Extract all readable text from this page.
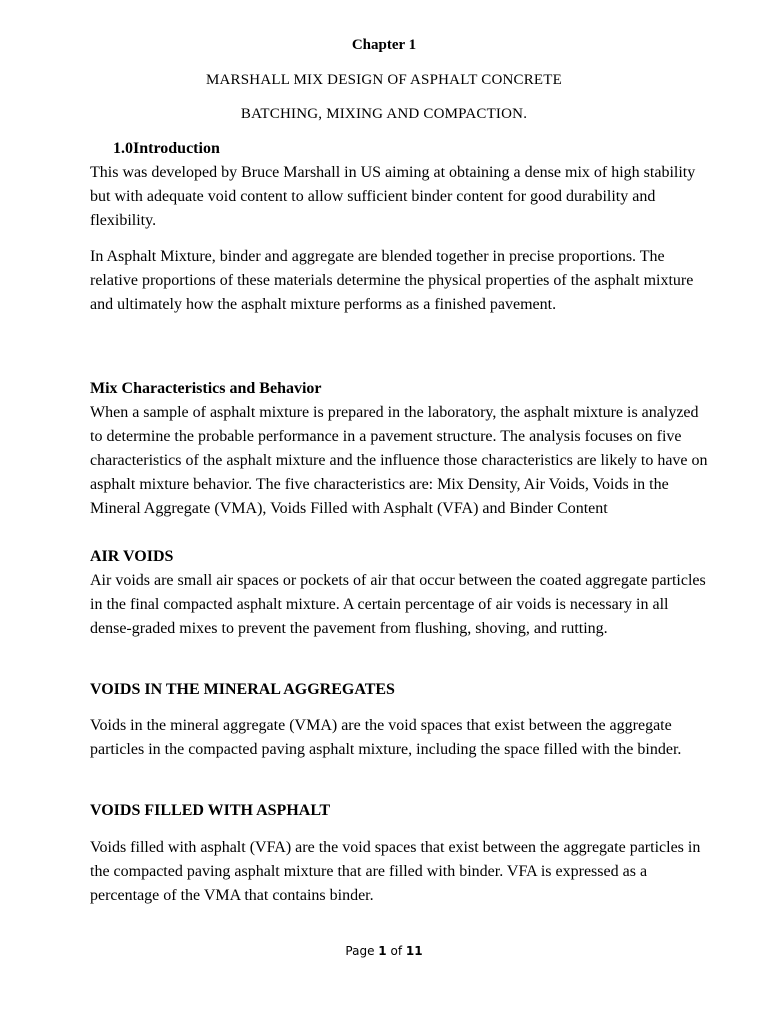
Chapter 1
MARSHALL MIX DESIGN OF ASPHALT CONCRETE
BATCHING, MIXING AND COMPACTION.
1.0Introduction
This was developed by Bruce Marshall in US aiming at obtaining a dense mix of high stability but with adequate void content to allow sufficient binder content for good durability and flexibility.
In Asphalt Mixture, binder and aggregate are blended together in precise proportions. The relative proportions of these materials determine the physical properties of the asphalt mixture and ultimately how the asphalt mixture performs as a finished pavement.
Mix Characteristics and Behavior
When a sample of asphalt mixture is prepared in the laboratory, the asphalt mixture is analyzed to determine the probable performance in a pavement structure. The analysis focuses on five characteristics of the asphalt mixture and the influence those characteristics are likely to have on asphalt mixture behavior. The five characteristics are: Mix Density, Air Voids, Voids in the Mineral Aggregate (VMA), Voids Filled with Asphalt (VFA) and Binder Content
AIR VOIDS
Air voids are small air spaces or pockets of air that occur between the coated aggregate particles in the final compacted asphalt mixture. A certain percentage of air voids is necessary in all dense-graded mixes to prevent the pavement from flushing, shoving, and rutting.
VOIDS IN THE MINERAL AGGREGATES
Voids in the mineral aggregate (VMA) are the void spaces that exist between the aggregate particles in the compacted paving asphalt mixture, including the space filled with the binder.
VOIDS FILLED WITH ASPHALT
Voids filled with asphalt (VFA) are the void spaces that exist between the aggregate particles in the compacted paving asphalt mixture that are filled with binder. VFA is expressed as a percentage of the VMA that contains binder.
Page 1 of 11
